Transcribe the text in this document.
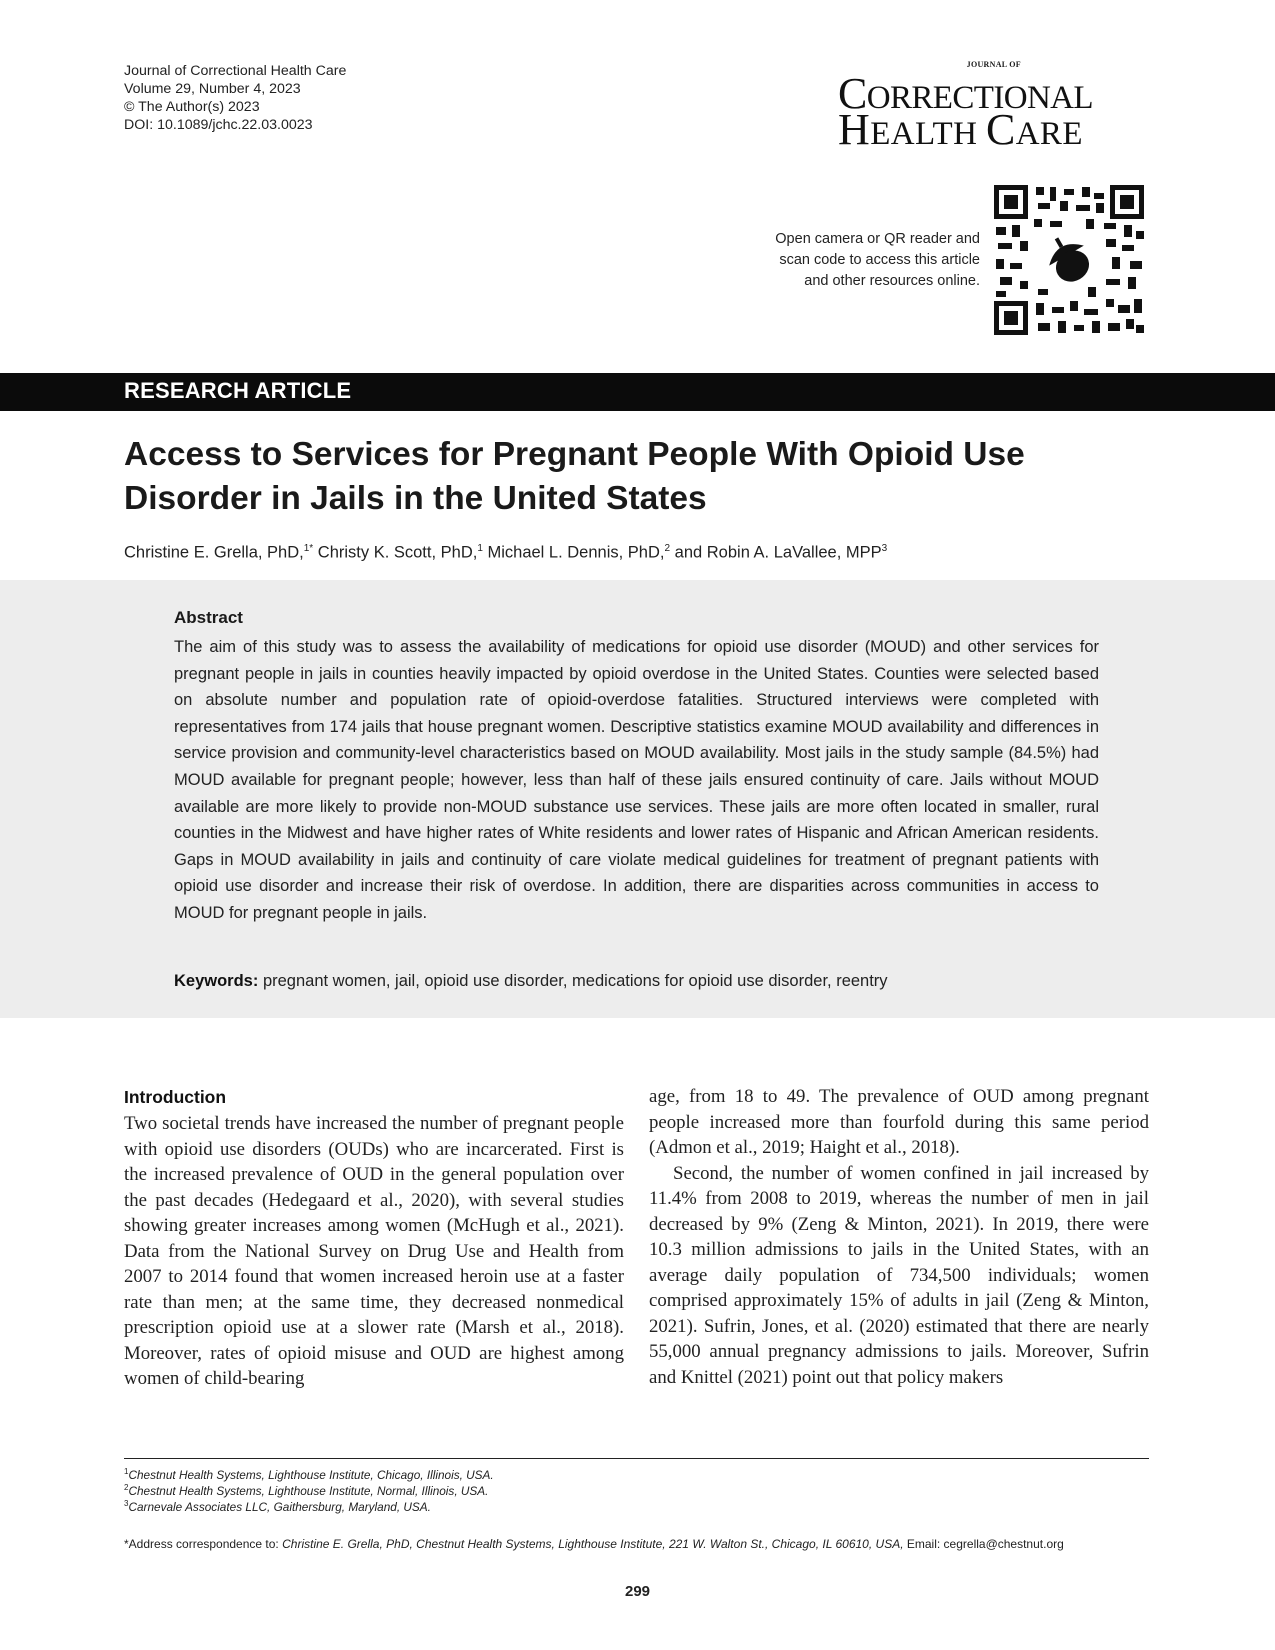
Journal of Correctional Health Care
Volume 29, Number 4, 2023
© The Author(s) 2023
DOI: 10.1089/jchc.22.03.0023
JOURNAL OF
CORRECTIONAL
HEALTH CARE
Open camera or QR reader and
scan code to access this article
and other resources online.
RESEARCH ARTICLE
Access to Services for Pregnant People With Opioid Use
Disorder in Jails in the United States
Christine E. Grella, PhD,$^{1*}$ Christy K. Scott, PhD,$^1$ Michael L. Dennis, PhD,$^2$ and Robin A. LaVallee, MPP$^3$
Abstract
The aim of this study was to assess the availability of medications for opioid use disorder (MOUD) and other services for pregnant people in jails in counties heavily impacted by opioid overdose in the United States. Counties were selected based on absolute number and population rate of opioid-overdose fatalities. Structured interviews were completed with representatives from 174 jails that house pregnant women. Descriptive statistics examine MOUD availability and differences in service provision and community-level characteristics based on MOUD availability. Most jails in the study sample (84.5%) had MOUD available for pregnant people; however, less than half of these jails ensured continuity of care. Jails without MOUD available are more likely to provide non-MOUD substance use services. These jails are more often located in smaller, rural counties in the Midwest and have higher rates of White residents and lower rates of Hispanic and African American residents. Gaps in MOUD availability in jails and continuity of care violate medical guidelines for treatment of pregnant patients with opioid use disorder and increase their risk of overdose. In addition, there are disparities across communities in access to MOUD for pregnant people in jails.
Keywords: pregnant women, jail, opioid use disorder, medications for opioid use disorder, reentry
Introduction

Two societal trends have increased the number of pregnant people with opioid use disorders (OUDs) who are incarcerated. First is the increased prevalence of OUD in the general population over the past decades (Hedegaard et al., 2020), with several studies showing greater increases among women (McHugh et al., 2021). Data from the National Survey on Drug Use and Health from 2007 to 2014 found that women increased heroin use at a faster rate than men; at the same time, they decreased nonmedical prescription opioid use at a slower rate (Marsh et al., 2018). Moreover, rates of opioid misuse and OUD are highest among women of child-bearing

age, from 18 to 49. The prevalence of OUD among pregnant people increased more than fourfold during this same period (Admon et al., 2019; Haight et al., 2018).

Second, the number of women confined in jail increased by 11.4% from 2008 to 2019, whereas the number of men in jail decreased by 9% (Zeng & Minton, 2021). In 2019, there were 10.3 million admissions to jails in the United States, with an average daily population of 734,500 individuals; women comprised approximately 15% of adults in jail (Zeng & Minton, 2021). Sufrin, Jones, et al. (2020) estimated that there are nearly 55,000 annual pregnancy admissions to jails. Moreover, Sufrin and Knittel (2021) point out that policy makers

$^1$Chestnut Health Systems, Lighthouse Institute, Chicago, Illinois, USA.
$^2$Chestnut Health Systems, Lighthouse Institute, Normal, Illinois, USA.
$^3$Carnevale Associates LLC, Gaithersburg, Maryland, USA.
*Address correspondence to: Christine E. Grella, PhD, Chestnut Health Systems, Lighthouse Institute, 221 W. Walton St., Chicago, IL 60610, USA, Email: cegrella@chestnut.org
299
